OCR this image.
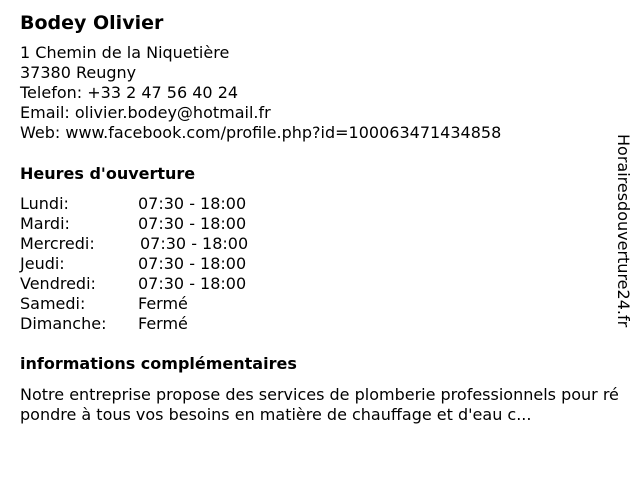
Bodey Olivier
1 Chemin de la Niquetière
37380 Reugny
Telefon: +33 2 47 56 40 24
Email: olivier.bodey@hotmail.fr
Web: www.facebook.com/profile.php?id=100063471434858
Heures d'ouverture
Lundi:	07:30 - 18:00
Mardi:	07:30 - 18:00
Mercredi:	07:30 - 18:00
Jeudi:	07:30 - 18:00
Vendredi:	07:30 - 18:00
Samedi:	Fermé
Dimanche: Fermé
informations complémentaires
Notre entreprise propose des services de plomberie professionnels pour répondre à tous vos besoins en matière de chauffage et d'eau c...
Horairesdouverture24.fr
